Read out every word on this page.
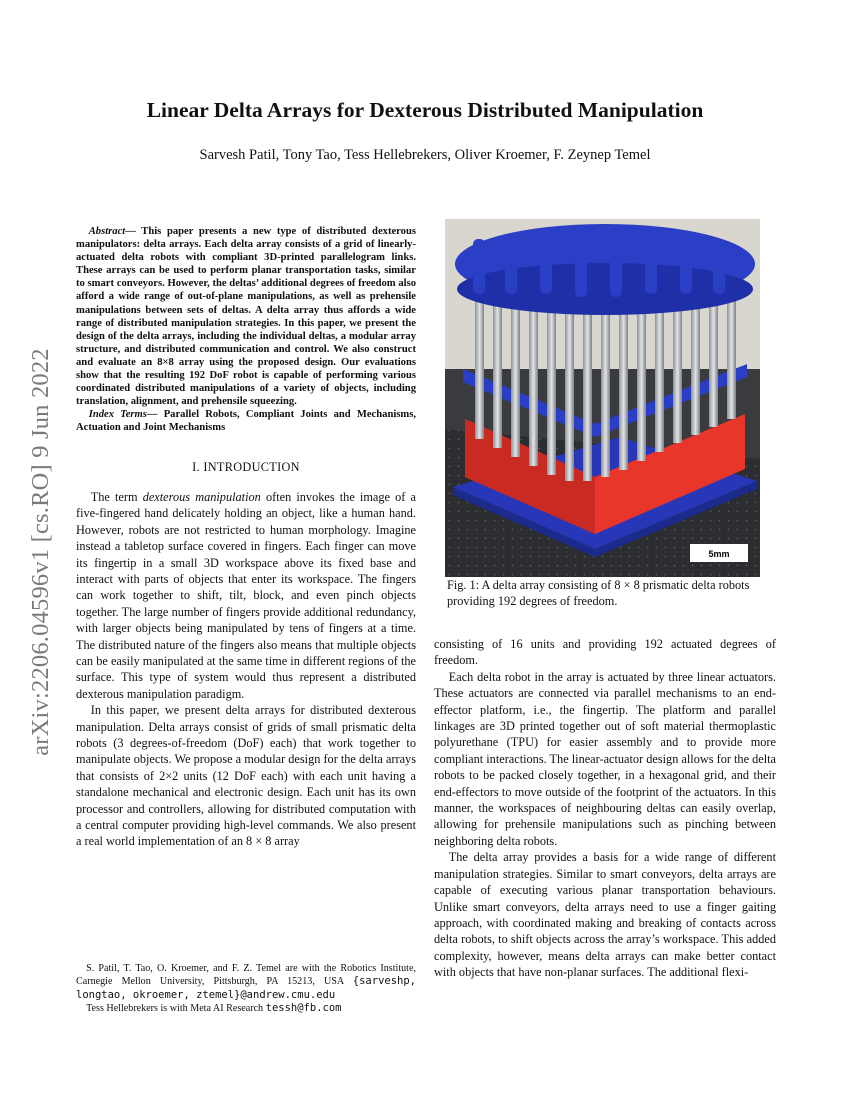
Linear Delta Arrays for Dexterous Distributed Manipulation
Sarvesh Patil, Tony Tao, Tess Hellebrekers, Oliver Kroemer, F. Zeynep Temel
arXiv:2206.04596v1 [cs.RO] 9 Jun 2022

Abstract— This paper presents a new type of distributed dexterous manipulators: delta arrays. Each delta array consists of a grid of linearly-actuated delta robots with compliant 3D-printed parallelogram links. These arrays can be used to perform planar transportation tasks, similar to smart conveyors. However, the deltas’ additional degrees of freedom also afford a wide range of out-of-plane manipulations, as well as prehensile manipulations between sets of deltas. A delta array thus affords a wide range of distributed manipulation strategies. In this paper, we present the design of the delta arrays, including the individual deltas, a modular array structure, and distributed communication and control. We also construct and evaluate an 8×8 array using the proposed design. Our evaluations show that the resulting 192 DoF robot is capable of performing various coordinated distributed manipulations of a variety of objects, including translation, alignment, and prehensile squeezing.

Index Terms— Parallel Robots, Compliant Joints and Mechanisms, Actuation and Joint Mechanisms

I. INTRODUCTION

The term dexterous manipulation often invokes the image of a five-fingered hand delicately holding an object, like a human hand. However, robots are not restricted to human morphology. Imagine instead a tabletop surface covered in fingers. Each finger can move its fingertip in a small 3D workspace above its fixed base and interact with parts of objects that enter its workspace. The fingers can work together to shift, tilt, block, and even pinch objects together. The large number of fingers provide additional redundancy, with larger objects being manipulated by tens of fingers at a time. The distributed nature of the fingers also means that multiple objects can be easily manipulated at the same time in different regions of the surface. This type of system would thus represent a distributed dexterous manipulation paradigm.

In this paper, we present delta arrays for distributed dexterous manipulation. Delta arrays consist of grids of small prismatic delta robots (3 degrees-of-freedom (DoF) each) that work together to manipulate objects. We propose a modular design for the delta arrays that consists of 2×2 units (12 DoF each) with each unit having a standalone mechanical and electronic design. Each unit has its own processor and controllers, allowing for distributed computation with a central computer providing high-level commands. We also present a real world implementation of an 8 × 8 array

5mm
Fig. 1: A delta array consisting of 8 × 8 prismatic delta robots providing 192 degrees of freedom.

consisting of 16 units and providing 192 actuated degrees of freedom.

Each delta robot in the array is actuated by three linear actuators. These actuators are connected via parallel mechanisms to an end-effector platform, i.e., the fingertip. The platform and parallel linkages are 3D printed together out of soft material thermoplastic polyurethane (TPU) for easier assembly and to provide more compliant interactions. The linear-actuator design allows for the delta robots to be packed closely together, in a hexagonal grid, and their end-effectors to move outside of the footprint of the actuators. In this manner, the workspaces of neighbouring deltas can easily overlap, allowing for prehensile manipulations such as pinching between neighboring delta robots.

The delta array provides a basis for a wide range of different manipulation strategies. Similar to smart conveyors, delta arrays are capable of executing various planar transportation behaviours. Unlike smart conveyors, delta arrays need to use a finger gaiting approach, with coordinated making and breaking of contacts across delta robots, to shift objects across the array’s workspace. This added complexity, however, means delta arrays can make better contact with objects that have non-planar surfaces. The additional flexi-

S. Patil, T. Tao, O. Kroemer, and F. Z. Temel are with the Robotics Institute, Carnegie Mellon University, Pittsburgh, PA 15213, USA {sarveshp, longtao, okroemer, ztemel}@andrew.cmu.edu

Tess Hellebrekers is with Meta AI Research tessh@fb.com
